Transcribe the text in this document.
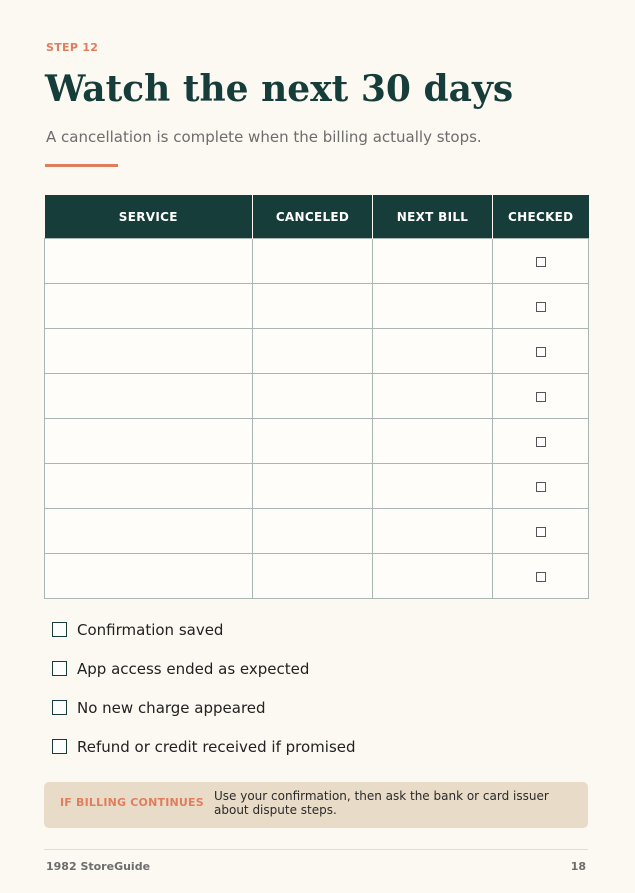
STEP 12
Watch the next 30 days
A cancellation is complete when the billing actually stops.
SERVICE	CANCELED	NEXT BILL	CHECKED

Confirmation saved
App access ended as expected
No new charge appeared
Refund or credit received if promised
IF BILLING CONTINUES Use your confirmation, then ask the bank or card issuer about dispute steps.
1982 StoreGuide	18
